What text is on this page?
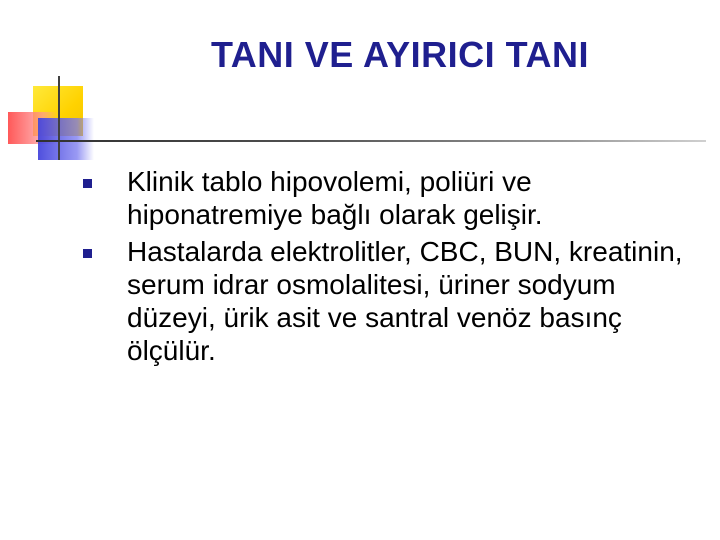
TANI VE AYIRICI TANI
Klinik tablo hipovolemi, poliüri ve hiponatremiye bağlı olarak gelişir.
Hastalarda elektrolitler, CBC, BUN, kreatinin, serum idrar osmolalitesi, üriner sodyum düzeyi, ürik asit ve santral venöz basınç ölçülür.
